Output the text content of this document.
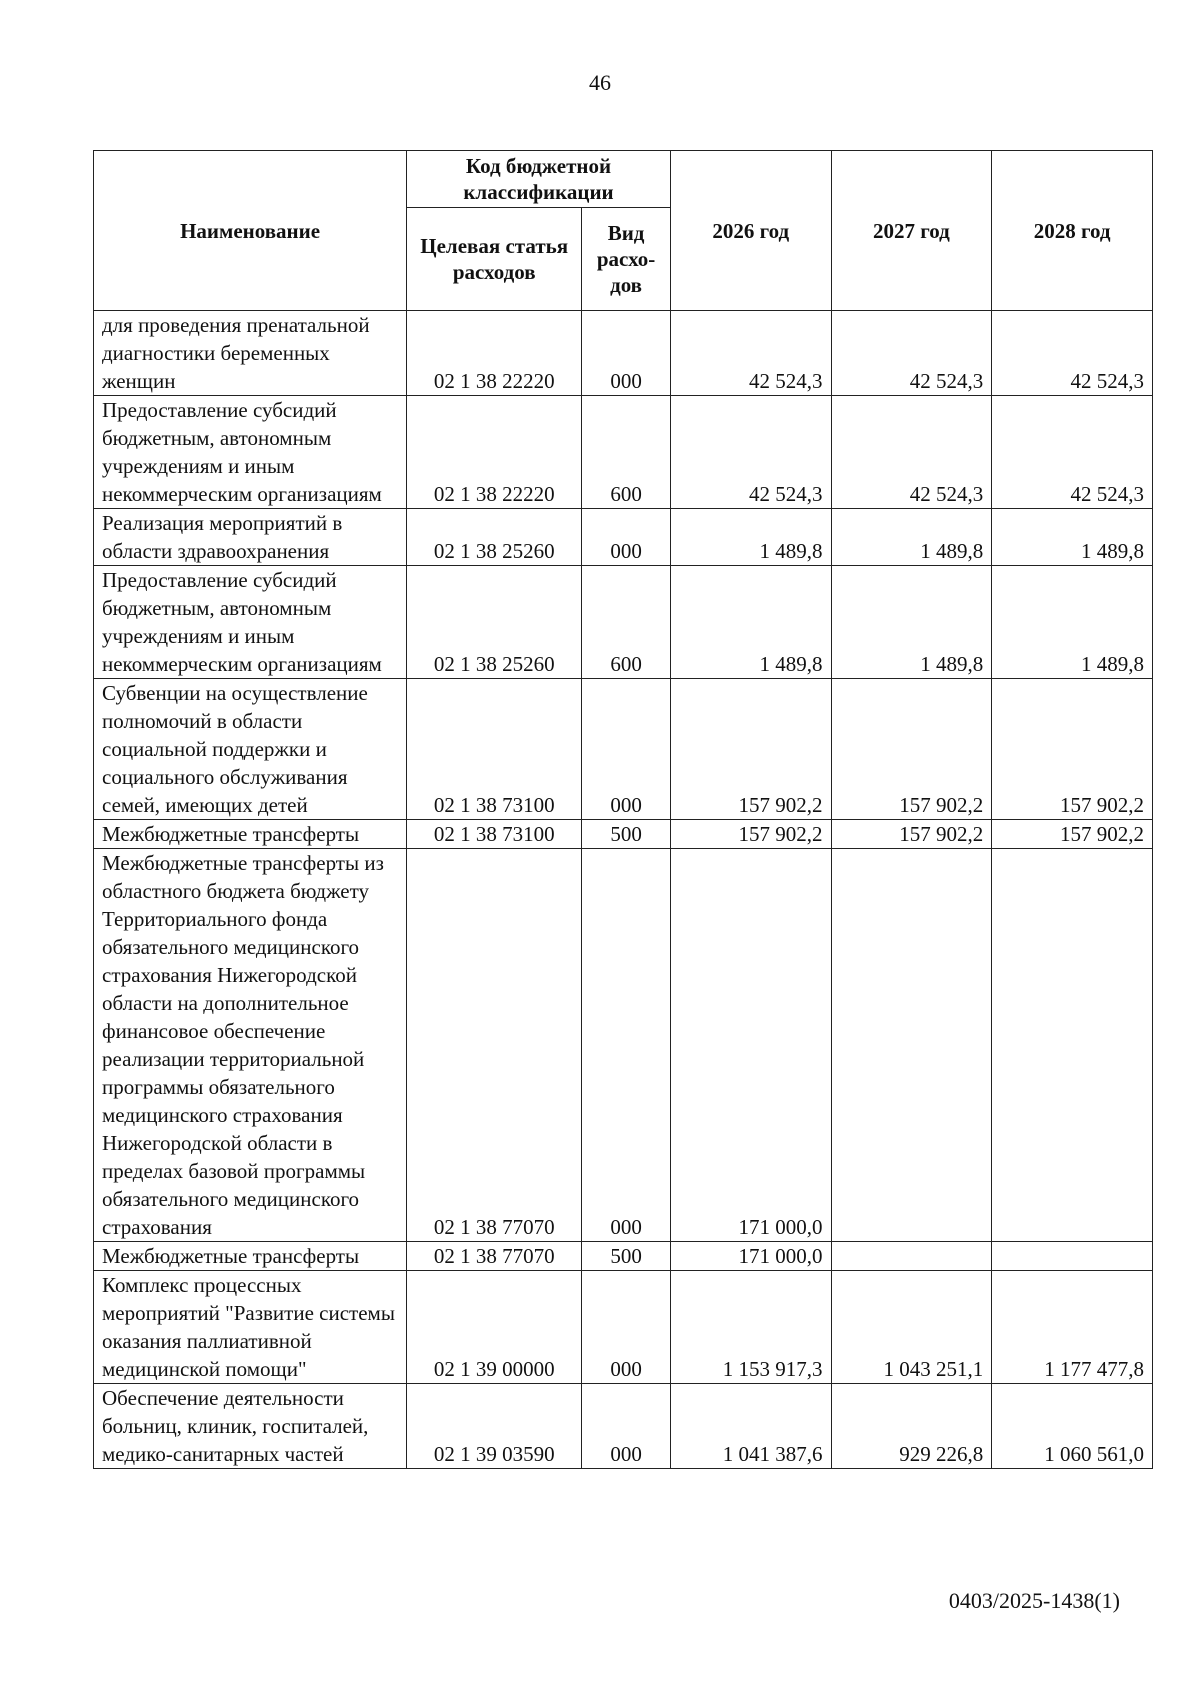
46
Наименование	Код бюджетной классификации		2026 год	2027 год	2028 год
	Целевая статья расходов	Вид расхо-дов			
для проведения пренатальной диагностики беременных женщин	02 1 38 22220	000	42 524,3	42 524,3	42 524,3
Предоставление субсидий бюджетным, автономным учреждениям и иным некоммерческим организациям	02 1 38 22220	600	42 524,3	42 524,3	42 524,3
Реализация мероприятий в области здравоохранения	02 1 38 25260	000	1 489,8	1 489,8	1 489,8
Предоставление субсидий бюджетным, автономным учреждениям и иным некоммерческим организациям	02 1 38 25260	600	1 489,8	1 489,8	1 489,8
Субвенции на осуществление полномочий в области социальной поддержки и социального обслуживания семей, имеющих детей	02 1 38 73100	000	157 902,2	157 902,2	157 902,2
Межбюджетные трансферты	02 1 38 73100	500	157 902,2	157 902,2	157 902,2
Межбюджетные трансферты из областного бюджета бюджету Территориального фонда обязательного медицинского страхования Нижегородской области на дополнительное финансовое обеспечение реализации территориальной программы обязательного медицинского страхования Нижегородской области в пределах базовой программы обязательного медицинского страхования	02 1 38 77070	000	171 000,0		
Межбюджетные трансферты	02 1 38 77070	500	171 000,0		
Комплекс процессных мероприятий "Развитие системы оказания паллиативной медицинской помощи"	02 1 39 00000	000	1 153 917,3	1 043 251,1	1 177 477,8
Обеспечение деятельности больниц, клиник, госпиталей, медико-санитарных частей	02 1 39 03590	000	1 041 387,6	929 226,8	1 060 561,0
0403/2025-1438(1)
